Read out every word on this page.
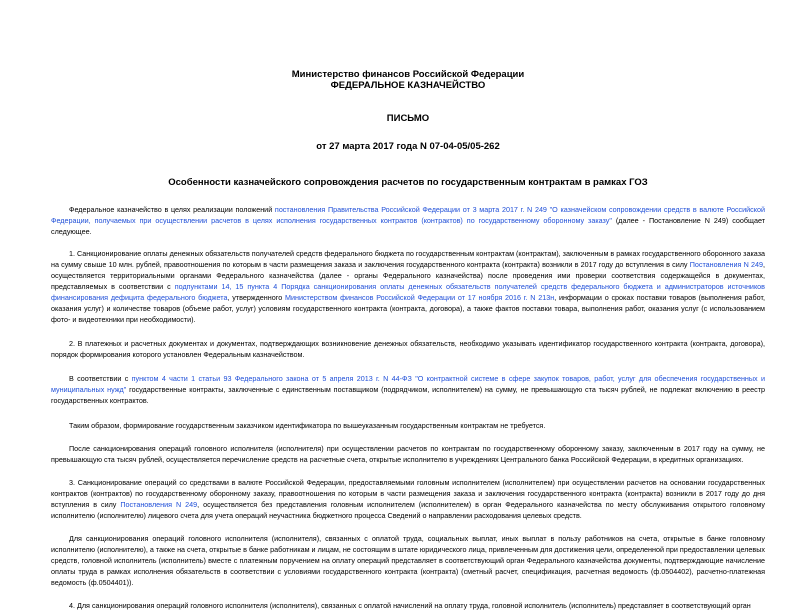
Министерство финансов Российской Федерации
ФЕДЕРАЛЬНОЕ КАЗНАЧЕЙСТВО
ПИСЬМО
от 27 марта 2017 года N 07-04-05/05-262
Особенности казначейского сопровождения расчетов по государственным контрактам в рамках ГОЗ

Федеральное казначейство в целях реализации положений постановления Правительства Российской Федерации от 3 марта 2017 г. N 249 "О казначейском сопровождении средств в валюте Российской Федерации, получаемых при осуществлении расчетов в целях исполнения государственных контрактов (контрактов) по государственному оборонному заказу" (далее - Постановление N 249) сообщает следующее.

1. Санкционирование оплаты денежных обязательств получателей средств федерального бюджета по государственным контрактам (контрактам), заключенным в рамках государственного оборонного заказа на сумму свыше 10 млн. рублей, правоотношения по которым в части размещения заказа и заключения государственного контракта (контракта) возникли в 2017 году до вступления в силу Постановления N 249, осуществляется территориальными органами Федерального казначейства (далее - органы Федерального казначейства) после проведения ими проверки соответствия содержащейся в документах, представляемых в соответствии с подпунктами 14, 15 пункта 4 Порядка санкционирования оплаты денежных обязательств получателей средств федерального бюджета и администраторов источников финансирования дефицита федерального бюджета, утвержденного Министерством финансов Российской Федерации от 17 ноября 2016 г. N 213н, информации о сроках поставки товаров (выполнения работ, оказания услуг) и количестве товаров (объеме работ, услуг) условиям государственного контракта (контракта, договора), а также фактов поставки товара, выполнения работ, оказания услуг (с использованием фото- и видеотехники при необходимости).

2. В платежных и расчетных документах и документах, подтверждающих возникновение денежных обязательств, необходимо указывать идентификатор государственного контракта (контракта, договора), порядок формирования которого установлен Федеральным казначейством.

В соответствии с пунктом 4 части 1 статьи 93 Федерального закона от 5 апреля 2013 г. N 44-ФЗ "О контрактной системе в сфере закупок товаров, работ, услуг для обеспечения государственных и муниципальных нужд" государственные контракты, заключенные с единственным поставщиком (подрядчиком, исполнителем) на сумму, не превышающую ста тысяч рублей, не подлежат включению в реестр государственных контрактов.

Таким образом, формирование государственным заказчиком идентификатора по вышеуказанным государственным контрактам не требуется.

После санкционирования операций головного исполнителя (исполнителя) при осуществлении расчетов по контрактам по государственному оборонному заказу, заключенным в 2017 году на сумму, не превышающую ста тысяч рублей, осуществляется перечисление средств на расчетные счета, открытые исполнителю в учреждениях Центрального банка Российской Федерации, в кредитных организациях.

3. Санкционирование операций со средствами в валюте Российской Федерации, предоставляемыми головным исполнителем (исполнителем) при осуществлении расчетов на основании государственных контрактов (контрактов) по государственному оборонному заказу, правоотношения по которым в части размещения заказа и заключения государственного контракта (контракта) возникли в 2017 году до дня вступления в силу Постановления N 249, осуществляется без представления головным исполнителем (исполнителем) в орган Федерального казначейства по месту обслуживания открытого головному исполнителю (исполнителю) лицевого счета для учета операций неучастника бюджетного процесса Сведений о направлении расходования целевых средств.

Для санкционирования операций головного исполнителя (исполнителя), связанных с оплатой труда, социальных выплат, иных выплат в пользу работников на счета, открытые в банке головному исполнителю (исполнителю), а также на счета, открытые в банке работникам и лицам, не состоящим в штате юридического лица, привлеченным для достижения цели, определенной при предоставлении целевых средств, головной исполнитель (исполнитель) вместе с платежным поручением на оплату операций представляет в соответствующий орган Федерального казначейства документы, подтверждающие начисление оплаты труда в рамках исполнения обязательств в соответствии с условиями государственного контракта (контракта) (сметный расчет, спецификация, расчетная ведомость (ф.0504402), расчетно-платежная ведомость (ф.0504401)).

4. Для санкционирования операций головного исполнителя (исполнителя), связанных с оплатой начислений на оплату труда, головной исполнитель (исполнитель) представляет в соответствующий орган
